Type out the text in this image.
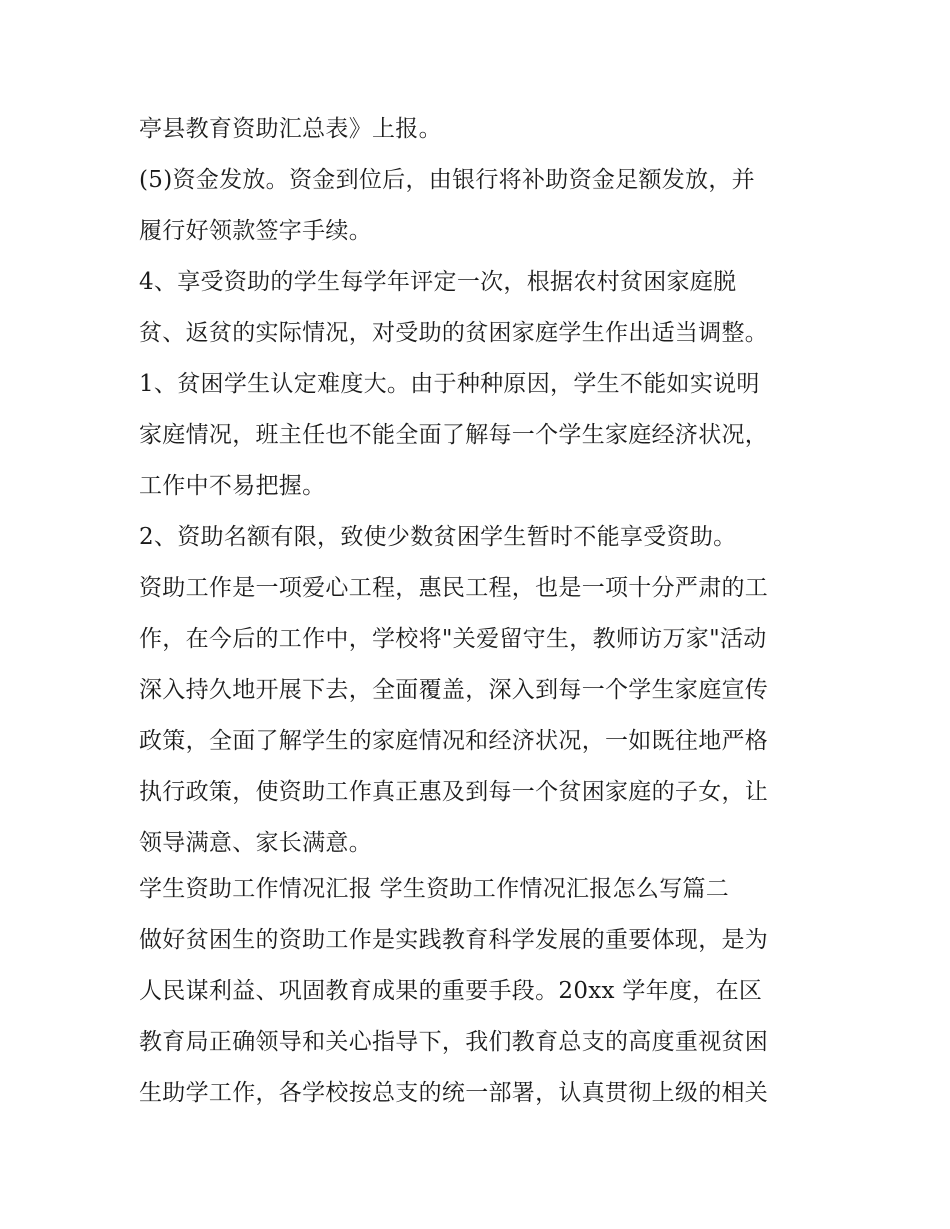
亭县教育资助汇总表》上报。
(5)资金发放。资金到位后，由银行将补助资金足额发放，并
履行好领款签字手续。
4、享受资助的学生每学年评定一次，根据农村贫困家庭脱
贫、返贫的实际情况，对受助的贫困家庭学生作出适当调整。
1、贫困学生认定难度大。由于种种原因，学生不能如实说明
家庭情况，班主任也不能全面了解每一个学生家庭经济状况，
工作中不易把握。
2、资助名额有限，致使少数贫困学生暂时不能享受资助。
资助工作是一项爱心工程，惠民工程，也是一项十分严肃的工
作，在今后的工作中，学校将"关爱留守生，教师访万家"活动
深入持久地开展下去，全面覆盖，深入到每一个学生家庭宣传
政策，全面了解学生的家庭情况和经济状况，一如既往地严格
执行政策，使资助工作真正惠及到每一个贫困家庭的子女，让
领导满意、家长满意。
学生资助工作情况汇报 学生资助工作情况汇报怎么写篇二
做好贫困生的资助工作是实践教育科学发展的重要体现，是为
人民谋利益、巩固教育成果的重要手段。20xx 学年度，在区
教育局正确领导和关心指导下，我们教育总支的高度重视贫困
生助学工作，各学校按总支的统一部署，认真贯彻上级的相关
